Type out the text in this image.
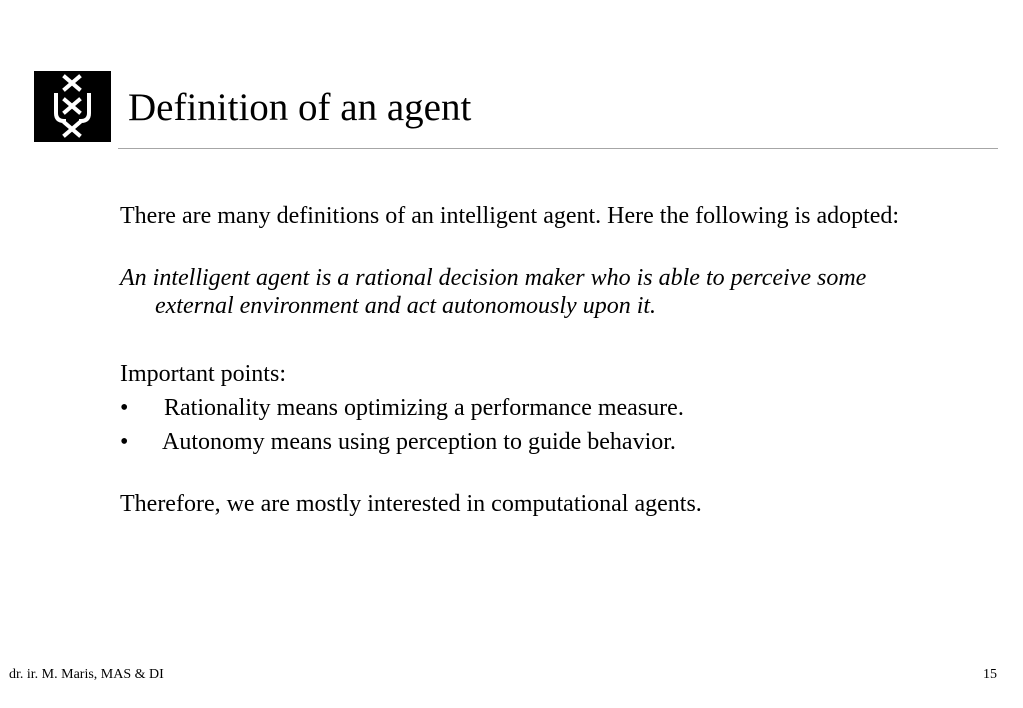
Definition of an agent

There are many definitions of an intelligent agent. Here the following is adopted:

An intelligent agent is a rational decision maker who is able to perceive some external environment and act autonomously upon it.

Important points:

• Rationality means optimizing a performance measure.
• Autonomy means using perception to guide behavior.

Therefore, we are mostly interested in computational agents.

dr. ir. M. Maris, MAS & DI	15
